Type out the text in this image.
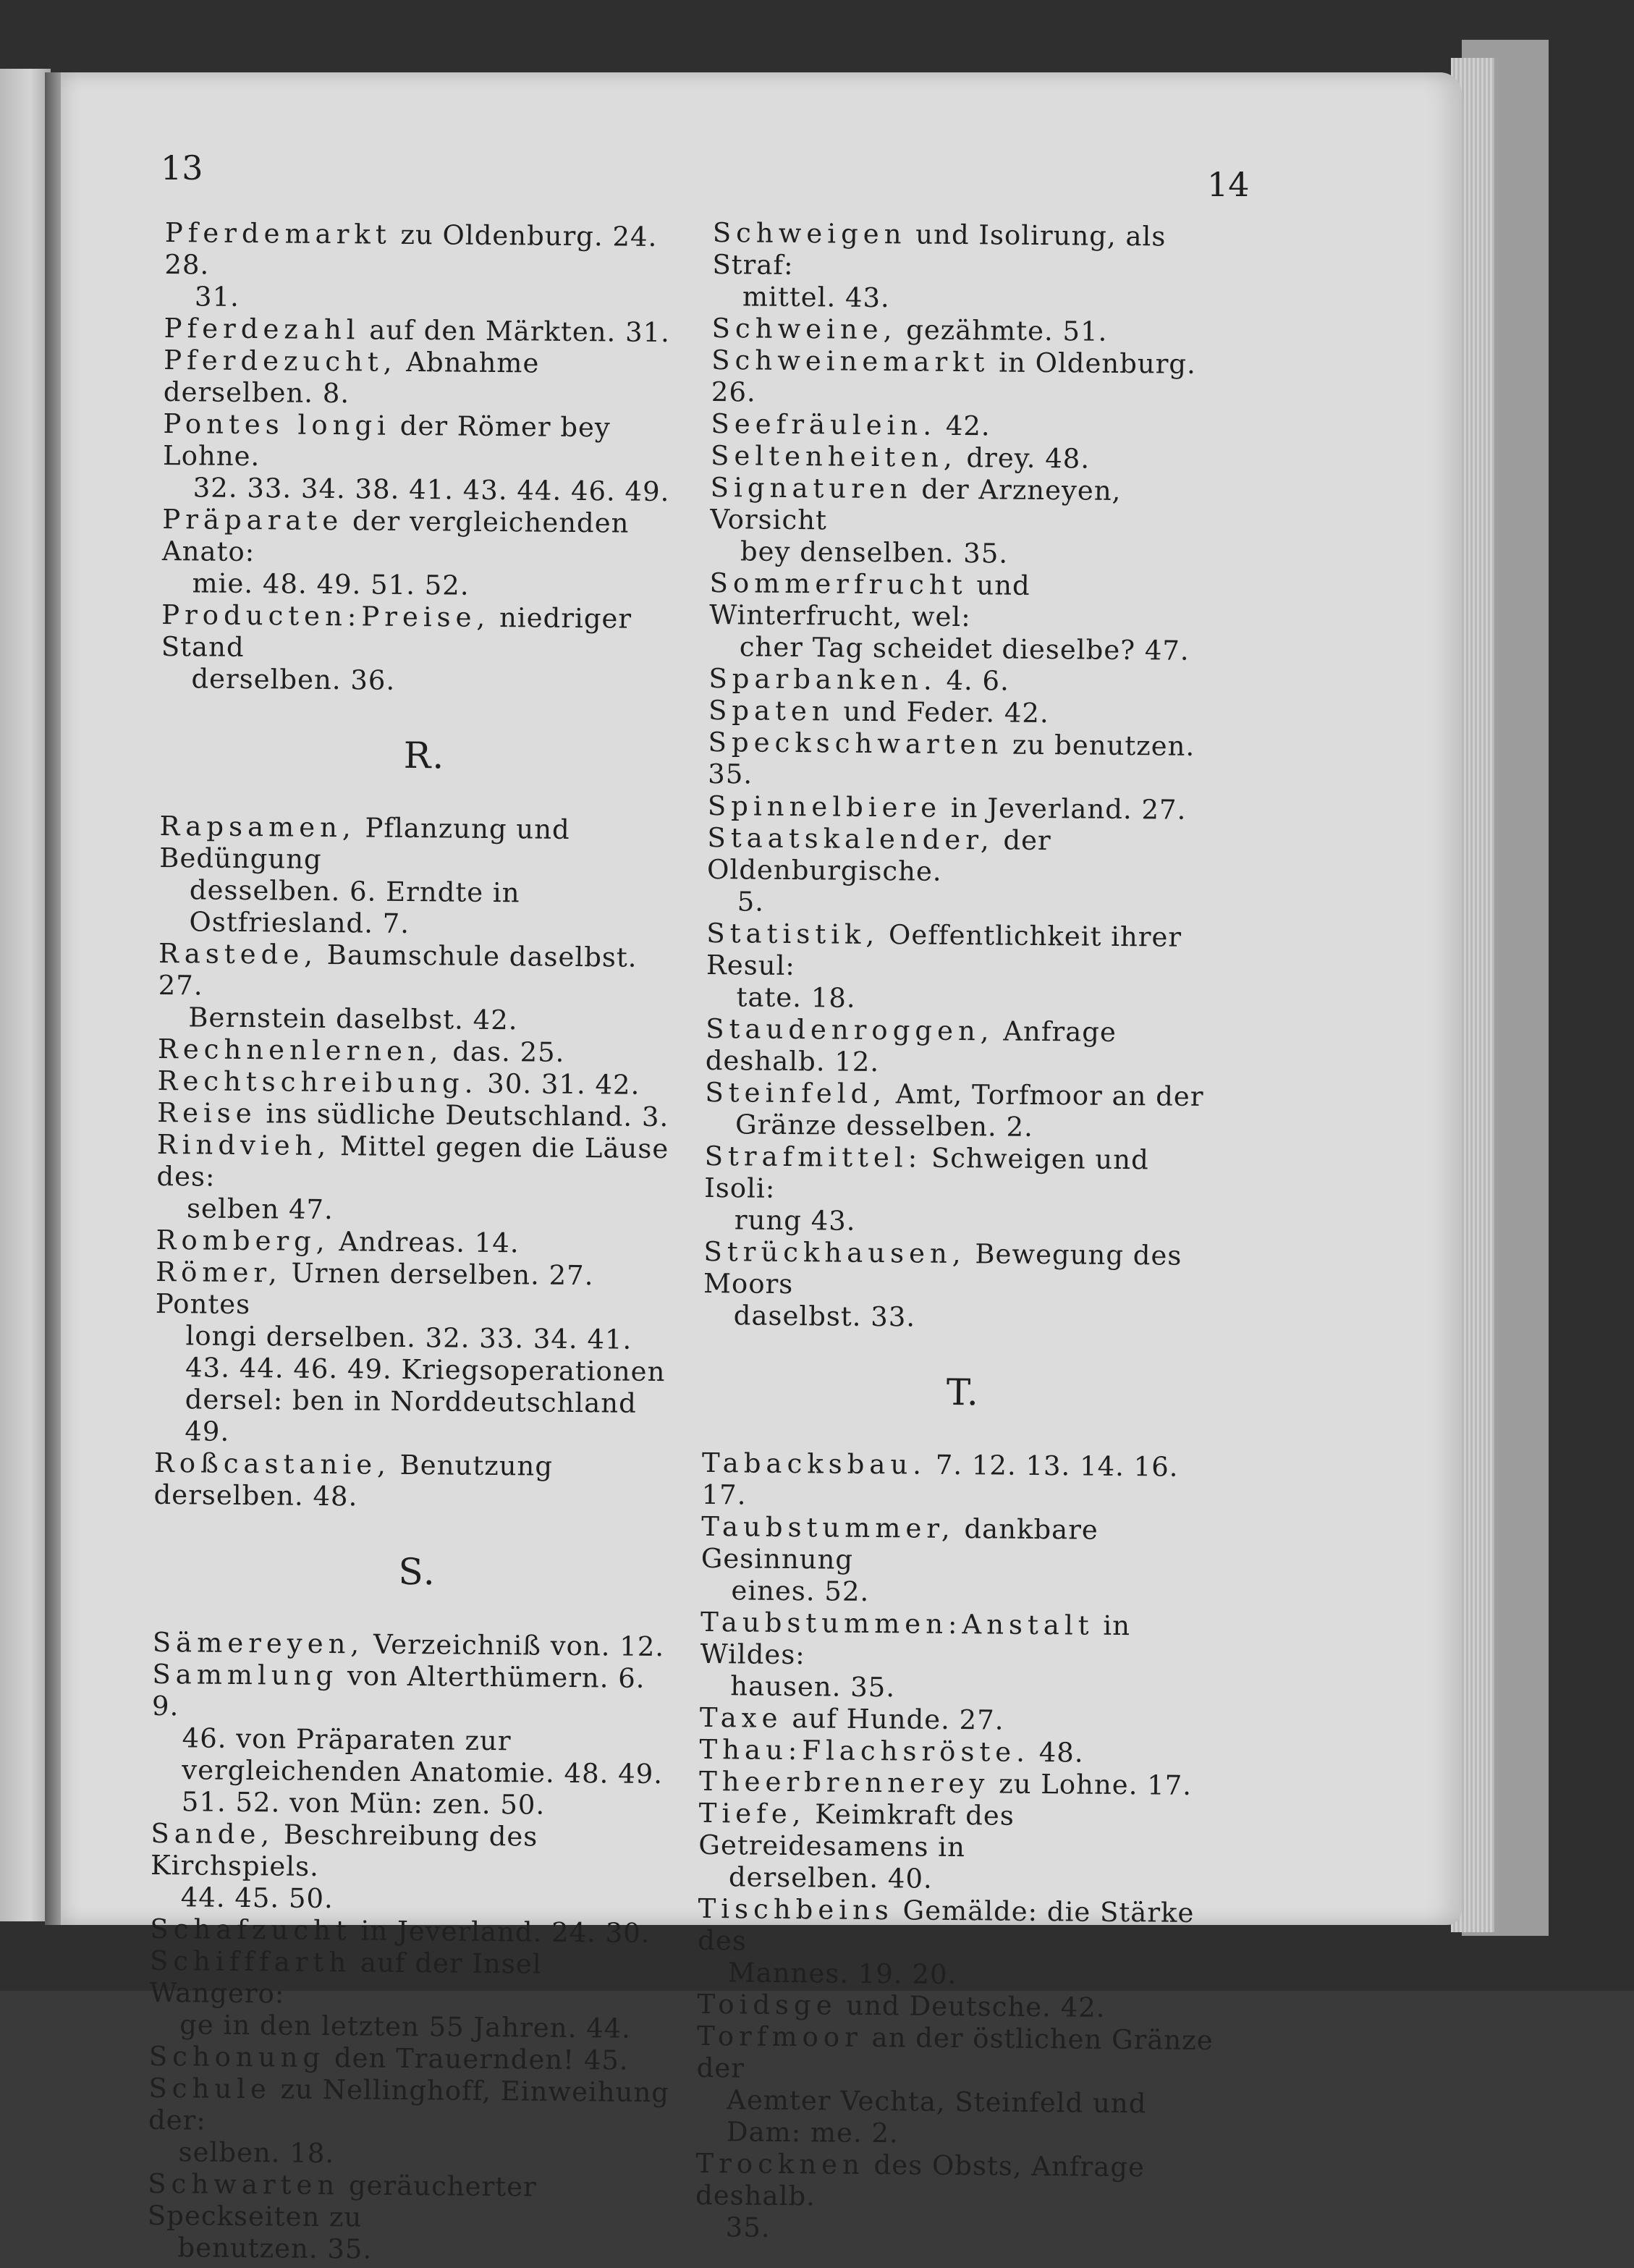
13	14

Pferdemarkt zu Oldenburg. 24. 28.
31.

Pferdezahl auf den Märkten. 31.

Pferdezucht, Abnahme derselben. 8.

Pontes longi der Römer bey Lohne.
32. 33. 34. 38. 41. 43. 44. 46. 49.

Präparate der vergleichenden Anato:
mie. 48. 49. 51. 52.

Producten:Preise, niedriger Stand
derselben. 36.

R.

Rapsamen, Pflanzung und Bedüngung
desselben. 6. Erndte in Ostfriesland. 7.

Rastede, Baumschule daselbst. 27.
Bernstein daselbst. 42.

Rechnenlernen, das. 25.

Rechtschreibung. 30. 31. 42.

Reise ins südliche Deutschland. 3.

Rindvieh, Mittel gegen die Läuse des:
selben 47.

Romberg, Andreas. 14.

Römer, Urnen derselben. 27. Pontes
longi derselben. 32. 33. 34. 41. 43. 44. 46. 49. Kriegsoperationen dersel: ben in Norddeutschland 49.

Roßcastanie, Benutzung derselben. 48.

S.

Sämereyen, Verzeichniß von. 12.

Sammlung von Alterthümern. 6. 9.
46. von Präparaten zur vergleichenden Anatomie. 48. 49. 51. 52. von Mün: zen. 50.

Sande, Beschreibung des Kirchspiels.
44. 45. 50.

Schafzucht in Jeverland. 24. 30.

Schifffarth auf der Insel Wangero:
ge in den letzten 55 Jahren. 44.

Schonung den Trauernden! 45.

Schule zu Nellinghoff, Einweihung der:
selben. 18.

Schwarten geräucherter Speckseiten zu
benutzen. 35.

Schweigen und Isolirung, als Straf:
mittel. 43.

Schweine, gezähmte. 51.

Schweinemarkt in Oldenburg. 26.

Seefräulein. 42.

Seltenheiten, drey. 48.

Signaturen der Arzneyen, Vorsicht
bey denselben. 35.

Sommerfrucht und Winterfrucht, wel:
cher Tag scheidet dieselbe? 47.

Sparbanken. 4. 6.

Spaten und Feder. 42.

Speckschwarten zu benutzen. 35.

Spinnelbiere in Jeverland. 27.

Staatskalender, der Oldenburgische.
5.

Statistik, Oeffentlichkeit ihrer Resul:
tate. 18.

Staudenroggen, Anfrage deshalb. 12.

Steinfeld, Amt, Torfmoor an der
Gränze desselben. 2.

Strafmittel: Schweigen und Isoli:
rung 43.

Strückhausen, Bewegung des Moors
daselbst. 33.

T.

Tabacksbau. 7. 12. 13. 14. 16. 17.

Taubstummer, dankbare Gesinnung
eines. 52.

Taubstummen:Anstalt in Wildes:
hausen. 35.

Taxe auf Hunde. 27.

Thau:Flachsröste. 48.

Theerbrennerey zu Lohne. 17.

Tiefe, Keimkraft des Getreidesamens in
derselben. 40.

Tischbeins Gemälde: die Stärke des
Mannes. 19. 20.

Toidsge und Deutsche. 42.

Torfmoor an der östlichen Gränze der
Aemter Vechta, Steinfeld und Dam: me. 2.

Trocknen des Obsts, Anfrage deshalb.
35.
